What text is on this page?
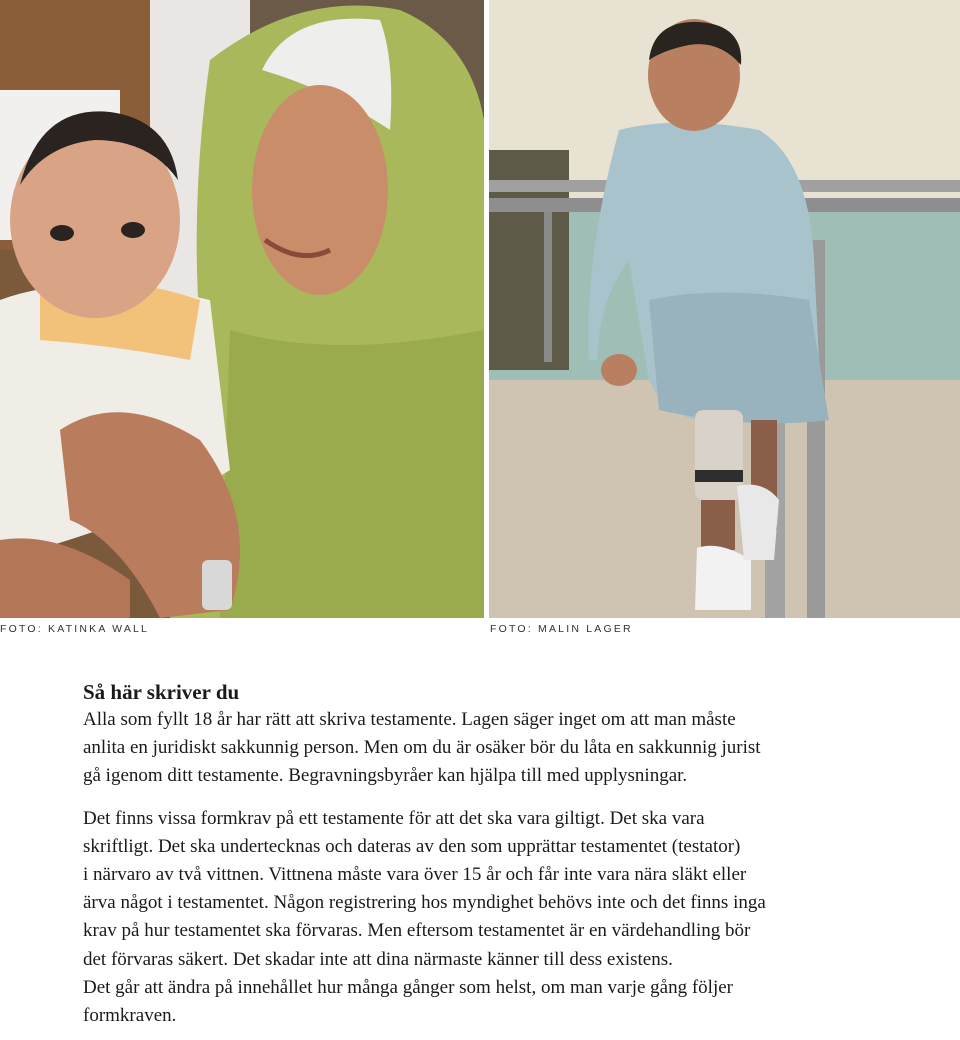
FOTO: KATINKA WALL	FOTO: MALIN LAGER
Så här skriver du

Alla som fyllt 18 år har rätt att skriva testamente. Lagen säger inget om att man måste
anlita en juridiskt sakkunnig person. Men om du är osäker bör du låta en sakkunnig jurist
gå igenom ditt testamente. Begravningsbyråer kan hjälpa till med upplysningar.

Det finns vissa formkrav på ett testamente för att det ska vara giltigt. Det ska vara
skriftligt. Det ska undertecknas och dateras av den som upprättar testamentet (testator)
i närvaro av två vittnen. Vittnena måste vara över 15 år och får inte vara nära släkt eller
ärva något i testamentet. Någon registrering hos myndighet behövs inte och det finns inga
krav på hur testamentet ska förvaras. Men eftersom testamentet är en värdehandling bör
det förvaras säkert. Det skadar inte att dina närmaste känner till dess existens.
Det går att ändra på innehållet hur många gånger som helst, om man varje gång följer
formkraven.
